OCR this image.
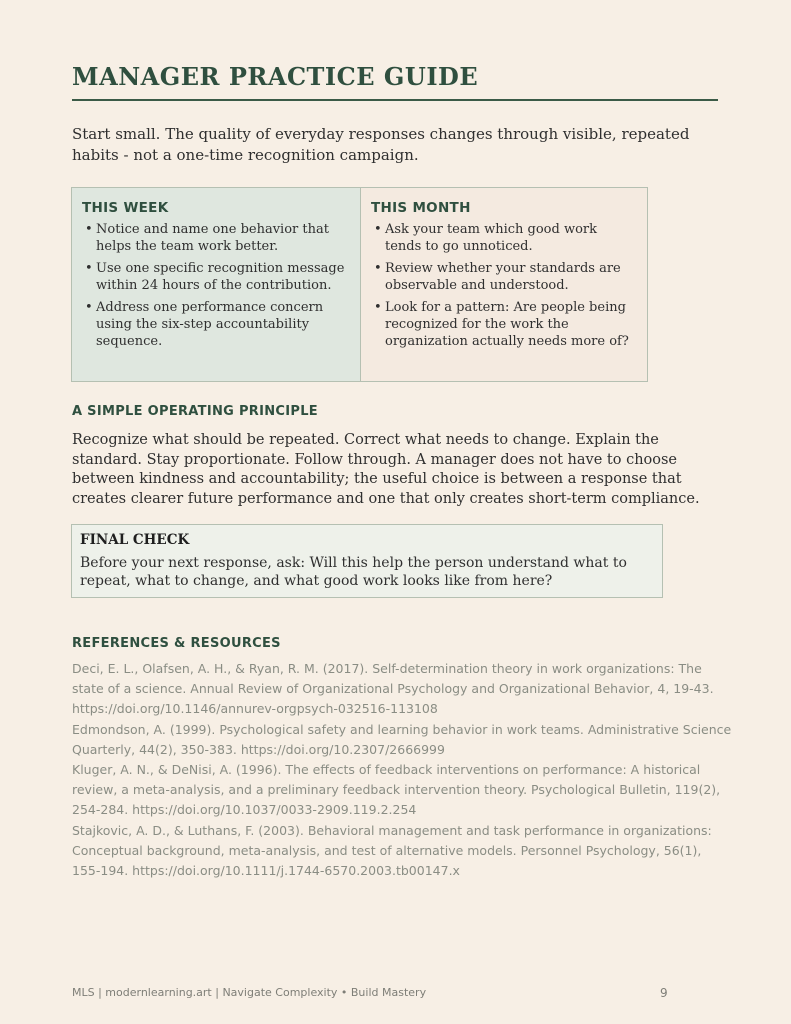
MANAGER PRACTICE GUIDE

Start small. The quality of everyday responses changes through visible, repeated habits - not a one-time recognition campaign.

THIS WEEK
• Notice and name one behavior that helps the team work better.
• Use one specific recognition message within 24 hours of the contribution.
• Address one performance concern using the six-step accountability sequence.
THIS MONTH
• Ask your team which good work tends to go unnoticed.
• Review whether your standards are observable and understood.
• Look for a pattern: Are people being recognized for the work the organization actually needs more of?
A SIMPLE OPERATING PRINCIPLE

Recognize what should be repeated. Correct what needs to change. Explain the standard. Stay proportionate. Follow through. A manager does not have to choose between kindness and accountability; the useful choice is between a response that creates clearer future performance and one that only creates short-term compliance.

FINAL CHECK

Before your next response, ask: Will this help the person understand what to repeat, what to change, and what good work looks like from here?

REFERENCES & RESOURCES

Deci, E. L., Olafsen, A. H., & Ryan, R. M. (2017). Self-determination theory in work organizations: The state of a science. Annual Review of Organizational Psychology and Organizational Behavior, 4, 19-43. https://doi.org/10.1146/annurev-orgpsych-032516-113108

Edmondson, A. (1999). Psychological safety and learning behavior in work teams. Administrative Science Quarterly, 44(2), 350-383. https://doi.org/10.2307/2666999

Kluger, A. N., & DeNisi, A. (1996). The effects of feedback interventions on performance: A historical review, a meta-analysis, and a preliminary feedback intervention theory. Psychological Bulletin, 119(2), 254-284. https://doi.org/10.1037/0033-2909.119.2.254

Stajkovic, A. D., & Luthans, F. (2003). Behavioral management and task performance in organizations: Conceptual background, meta-analysis, and test of alternative models. Personnel Psychology, 56(1), 155-194. https://doi.org/10.1111/j.1744-6570.2003.tb00147.x

MLS | modernlearning.art | Navigate Complexity • Build Mastery	9
